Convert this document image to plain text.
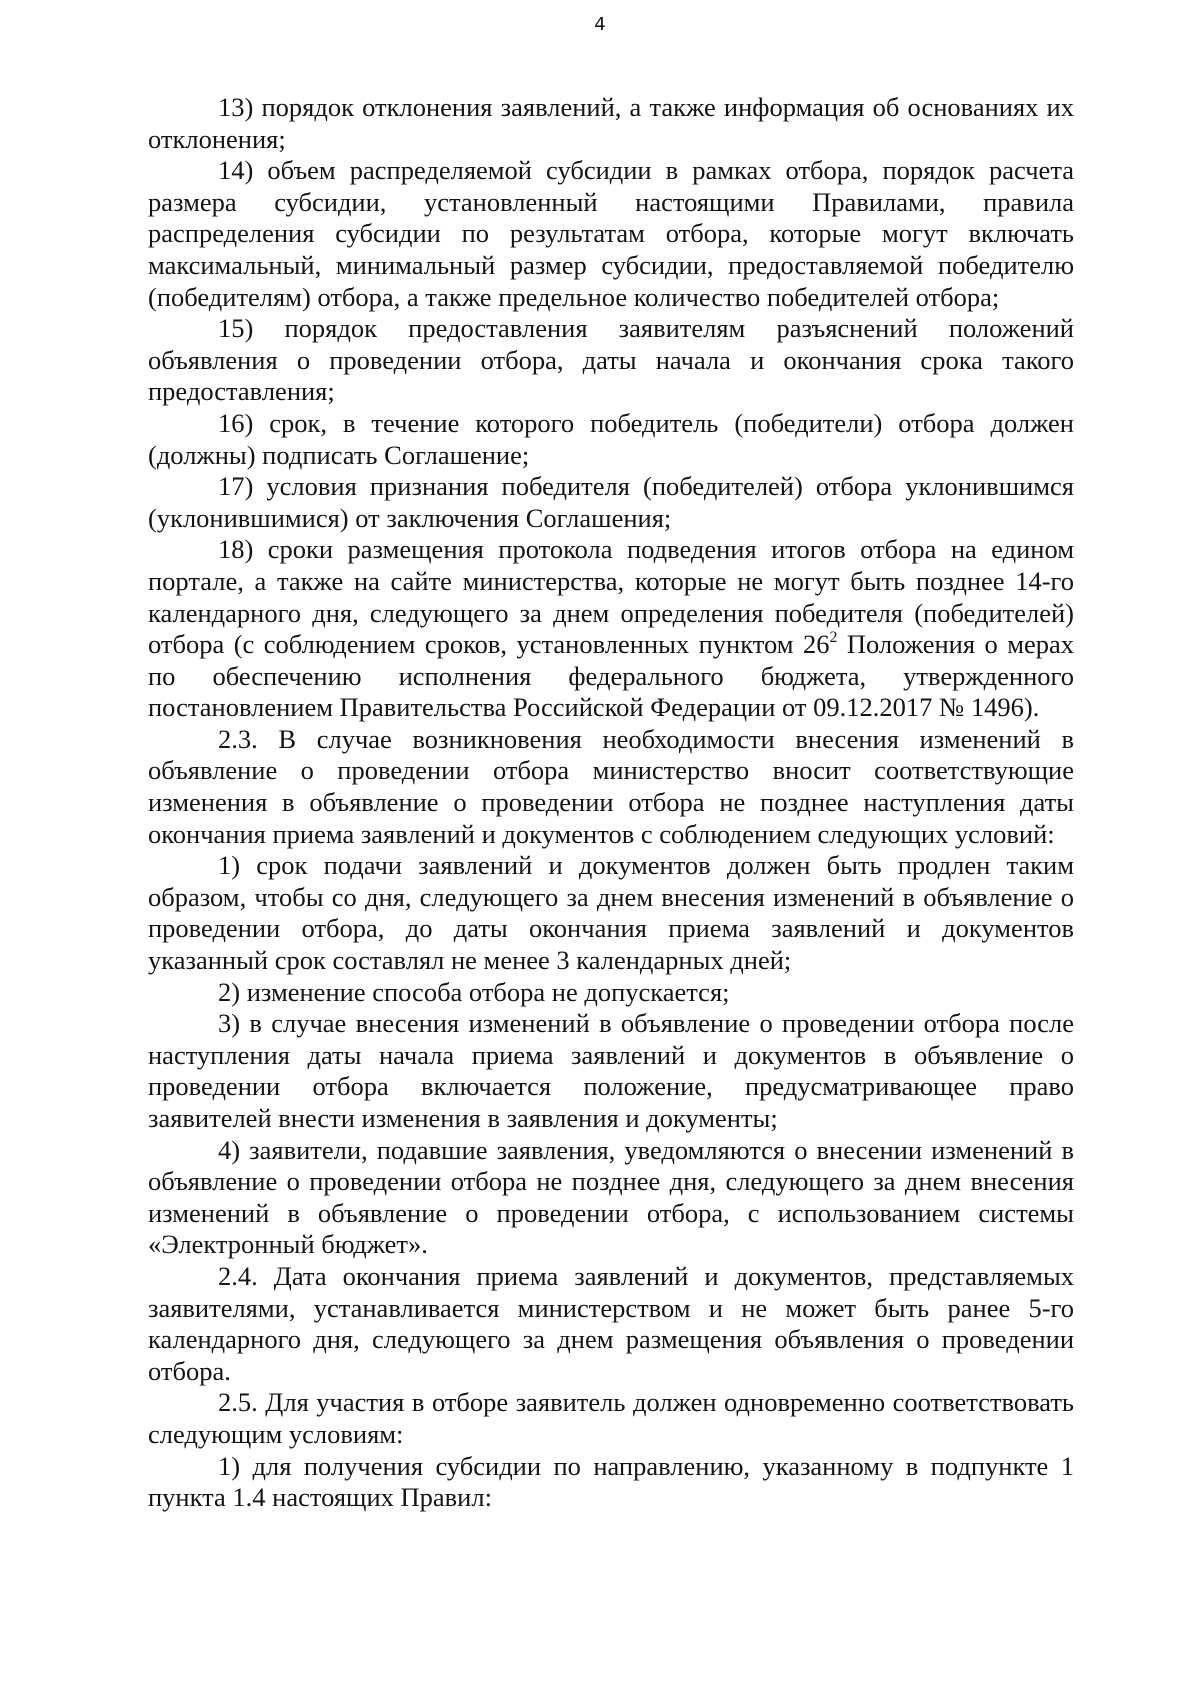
4

13) порядок отклонения заявлений, а также информация об основаниях их отклонения;

14) объем распределяемой субсидии в рамках отбора, порядок расчета размера субсидии, установленный настоящими Правилами, правила распределения субсидии по результатам отбора, которые могут включать максимальный, минимальный размер субсидии, предоставляемой победителю (победителям) отбора, а также предельное количество победителей отбора;

15) порядок предоставления заявителям разъяснений положений объявления о проведении отбора, даты начала и окончания срока такого предоставления;

16) срок, в течение которого победитель (победители) отбора должен (должны) подписать Соглашение;

17) условия признания победителя (победителей) отбора уклонившимся (уклонившимися) от заключения Соглашения;

18) сроки размещения протокола подведения итогов отбора на едином портале, а также на сайте министерства, которые не могут быть позднее 14-го календарного дня, следующего за днем определения победителя (победителей) отбора (с соблюдением сроков, установленных пунктом $26^2$ Положения о мерах по обеспечению исполнения федерального бюджета, утвержденного постановлением Правительства Российской Федерации от 09.12.2017 № 1496).

2.3. В случае возникновения необходимости внесения изменений в объявление о проведении отбора министерство вносит соответствующие изменения в объявление о проведении отбора не позднее наступления даты окончания приема заявлений и документов с соблюдением следующих условий:

1) срок подачи заявлений и документов должен быть продлен таким образом, чтобы со дня, следующего за днем внесения изменений в объявление о проведении отбора, до даты окончания приема заявлений и документов указанный срок составлял не менее 3 календарных дней;

2) изменение способа отбора не допускается;

3) в случае внесения изменений в объявление о проведении отбора после наступления даты начала приема заявлений и документов в объявление о проведении отбора включается положение, предусматривающее право заявителей внести изменения в заявления и документы;

4) заявители, подавшие заявления, уведомляются о внесении изменений в объявление о проведении отбора не позднее дня, следующего за днем внесения изменений в объявление о проведении отбора, с использованием системы «Электронный бюджет».

2.4. Дата окончания приема заявлений и документов, представляемых заявителями, устанавливается министерством и не может быть ранее 5-го календарного дня, следующего за днем размещения объявления о проведении отбора.

2.5. Для участия в отборе заявитель должен одновременно соответствовать следующим условиям:

1) для получения субсидии по направлению, указанному в подпункте 1 пункта 1.4 настоящих Правил:
